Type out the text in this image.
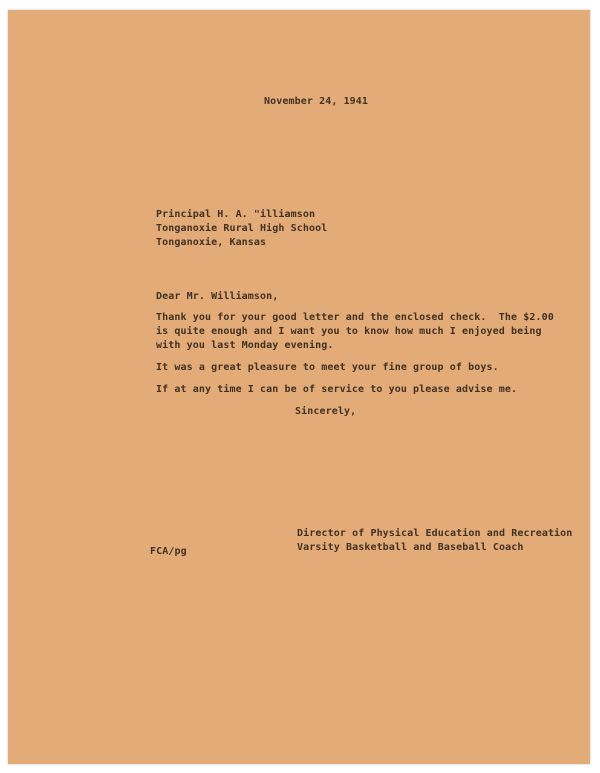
November 24, 1941
Principal H. A. "illiamson
Tonganoxie Rural High School
Tonganoxie, Kansas
Dear Mr. Williamson,
Thank you for your good letter and the enclosed check.  The $2.00
is quite enough and I want you to know how much I enjoyed being
with you last Monday evening.
It was a great pleasure to meet your fine group of boys.
If at any time I can be of service to you please advise me.
Sincerely,
Director of Physical Education and Recreation
Varsity Basketball and Baseball Coach
FCA/pg
